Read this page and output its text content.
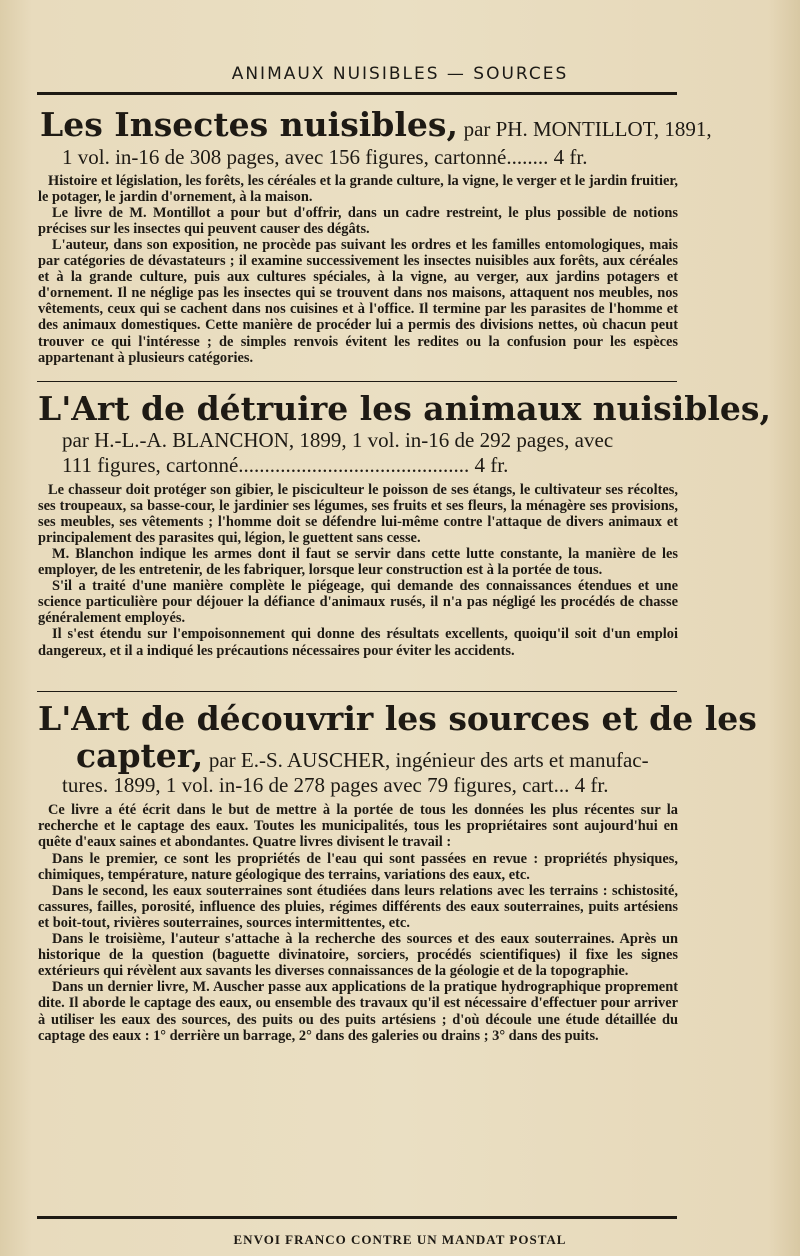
ANIMAUX NUISIBLES — SOURCES
Les Insectes nuisibles, par PH. MONTILLOT, 1891,
1 vol. in-16 de 308 pages, avec 156 figures, cartonné........ 4 fr.

Histoire et législation, les forêts, les céréales et la grande culture, la vigne, le verger et le jardin fruitier, le potager, le jardin d'ornement, à la maison.

Le livre de M. Montillot a pour but d'offrir, dans un cadre restreint, le plus possible de notions précises sur les insectes qui peuvent causer des dégâts.

L'auteur, dans son exposition, ne procède pas suivant les ordres et les familles entomologiques, mais par catégories de dévastateurs ; il examine successivement les insectes nuisibles aux forêts, aux céréales et à la grande culture, puis aux cultures spéciales, à la vigne, au verger, aux jardins potagers et d'ornement. Il ne néglige pas les insectes qui se trouvent dans nos maisons, attaquent nos meubles, nos vêtements, ceux qui se cachent dans nos cuisines et à l'office. Il termine par les parasites de l'homme et des animaux domestiques. Cette manière de procéder lui a permis des divisions nettes, où chacun peut trouver ce qui l'intéresse ; de simples renvois évitent les redites ou la confusion pour les espèces appartenant à plusieurs catégories.

L'Art de détruire les animaux nuisibles,
par H.-L.-A. BLANCHON, 1899, 1 vol. in-16 de 292 pages, avec
111 figures, cartonné............................................ 4 fr.

Le chasseur doit protéger son gibier, le pisciculteur le poisson de ses étangs, le cultivateur ses récoltes, ses troupeaux, sa basse-cour, le jardinier ses légumes, ses fruits et ses fleurs, la ménagère ses provisions, ses meubles, ses vêtements ; l'homme doit se défendre lui-même contre l'attaque de divers animaux et principalement des parasites qui, légion, le guettent sans cesse.

M. Blanchon indique les armes dont il faut se servir dans cette lutte constante, la manière de les employer, de les entretenir, de les fabriquer, lorsque leur construction est à la portée de tous.

S'il a traité d'une manière complète le piégeage, qui demande des connaissances étendues et une science particulière pour déjouer la défiance d'animaux rusés, il n'a pas négligé les procédés de chasse généralement employés.

Il s'est étendu sur l'empoisonnement qui donne des résultats excellents, quoiqu'il soit d'un emploi dangereux, et il a indiqué les précautions nécessaires pour éviter les accidents.

L'Art de découvrir les sources et de les
capter, par E.-S. AUSCHER, ingénieur des arts et manufac-
tures. 1899, 1 vol. in-16 de 278 pages avec 79 figures, cart... 4 fr.

Ce livre a été écrit dans le but de mettre à la portée de tous les données les plus récentes sur la recherche et le captage des eaux. Toutes les municipalités, tous les propriétaires sont aujourd'hui en quête d'eaux saines et abondantes. Quatre livres divisent le travail :

Dans le premier, ce sont les propriétés de l'eau qui sont passées en revue : propriétés physiques, chimiques, température, nature géologique des terrains, variations des eaux, etc.

Dans le second, les eaux souterraines sont étudiées dans leurs relations avec les terrains : schistosité, cassures, failles, porosité, influence des pluies, régimes différents des eaux souterraines, puits artésiens et boit-tout, rivières souterraines, sources intermittentes, etc.

Dans le troisième, l'auteur s'attache à la recherche des sources et des eaux souterraines. Après un historique de la question (baguette divinatoire, sorciers, procédés scientifiques) il fixe les signes extérieurs qui révèlent aux savants les diverses connaissances de la géologie et de la topographie.

Dans un dernier livre, M. Auscher passe aux applications de la pratique hydrographique proprement dite. Il aborde le captage des eaux, ou ensemble des travaux qu'il est nécessaire d'effectuer pour arriver à utiliser les eaux des sources, des puits ou des puits artésiens ; d'où découle une étude détaillée du captage des eaux : 1° derrière un barrage, 2° dans des galeries ou drains ; 3° dans des puits.

ENVOI FRANCO CONTRE UN MANDAT POSTAL
